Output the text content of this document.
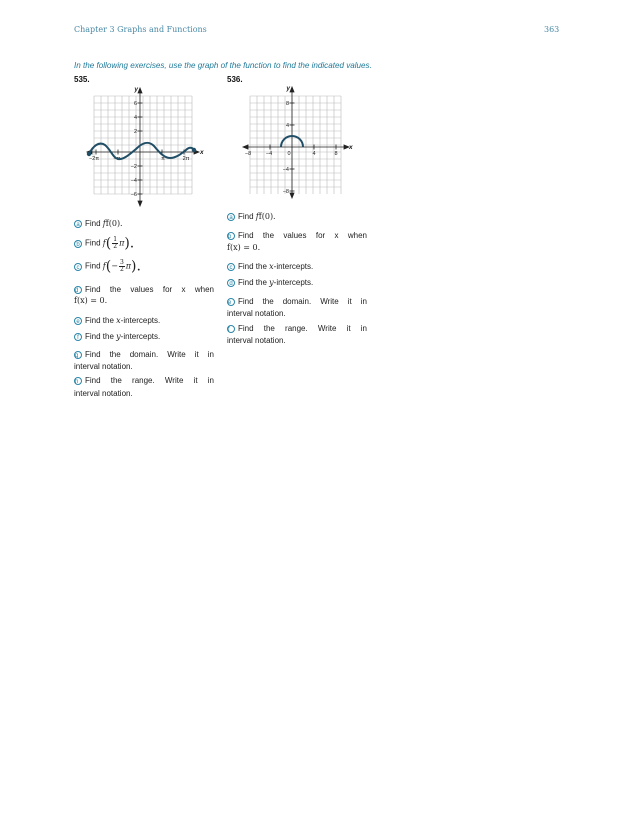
Chapter 3 Graphs and Functions	363
In the following exercises, use the graph of the function to find the indicated values.
535.	536.
y
x
6
4
2
−2
−4
−6
−2π	−π	π	2π
y
x
8
4
−4
−8
−8	−4	0	4	8
a Find ff(0).
b Find $f( \frac{1}{2} \pi)$.
c Find $f(- \frac{3}{2} \pi)$.
d Find the values for x when
f(x) = 0.
e Find the x-intercepts.
f Find the y-intercepts.
g Find the domain. Write it in
interval notation.
h Find the range. Write it in
interval notation.
a Find ff(0).
b Find the values for x when
f(x) = 0.
c Find the x-intercepts.
d Find the y-intercepts.
e Find the domain. Write it in
interval notation.
f Find the range. Write it in
interval notation.
